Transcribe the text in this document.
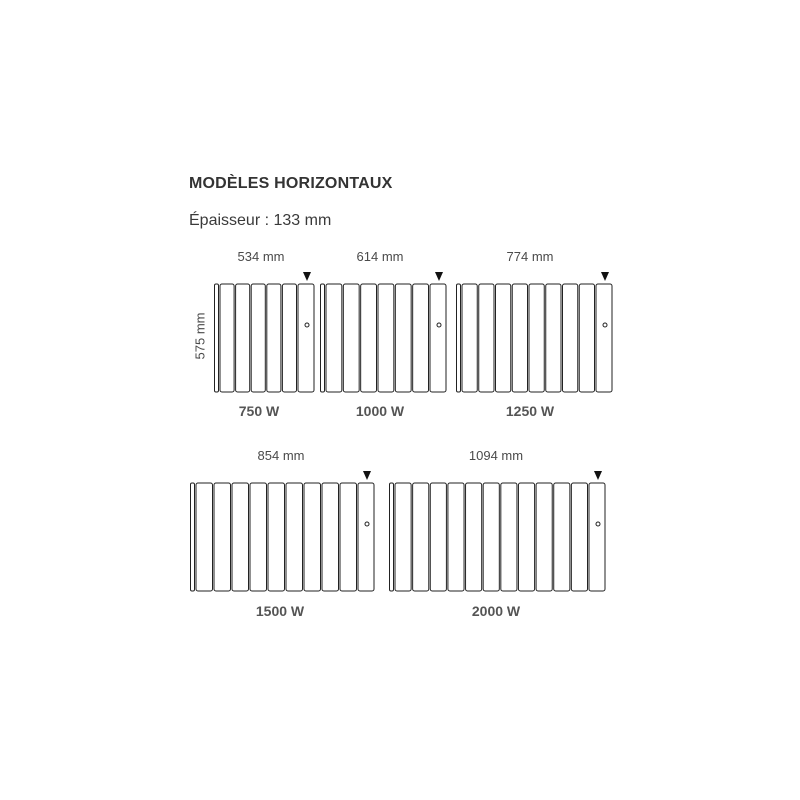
MODÈLES HORIZONTAUX
Épaisseur : 133 mm
575 mm
534 mm
750 W
614 mm
1000 W
774 mm
1250 W
854 mm
1500 W
1094 mm
2000 W
